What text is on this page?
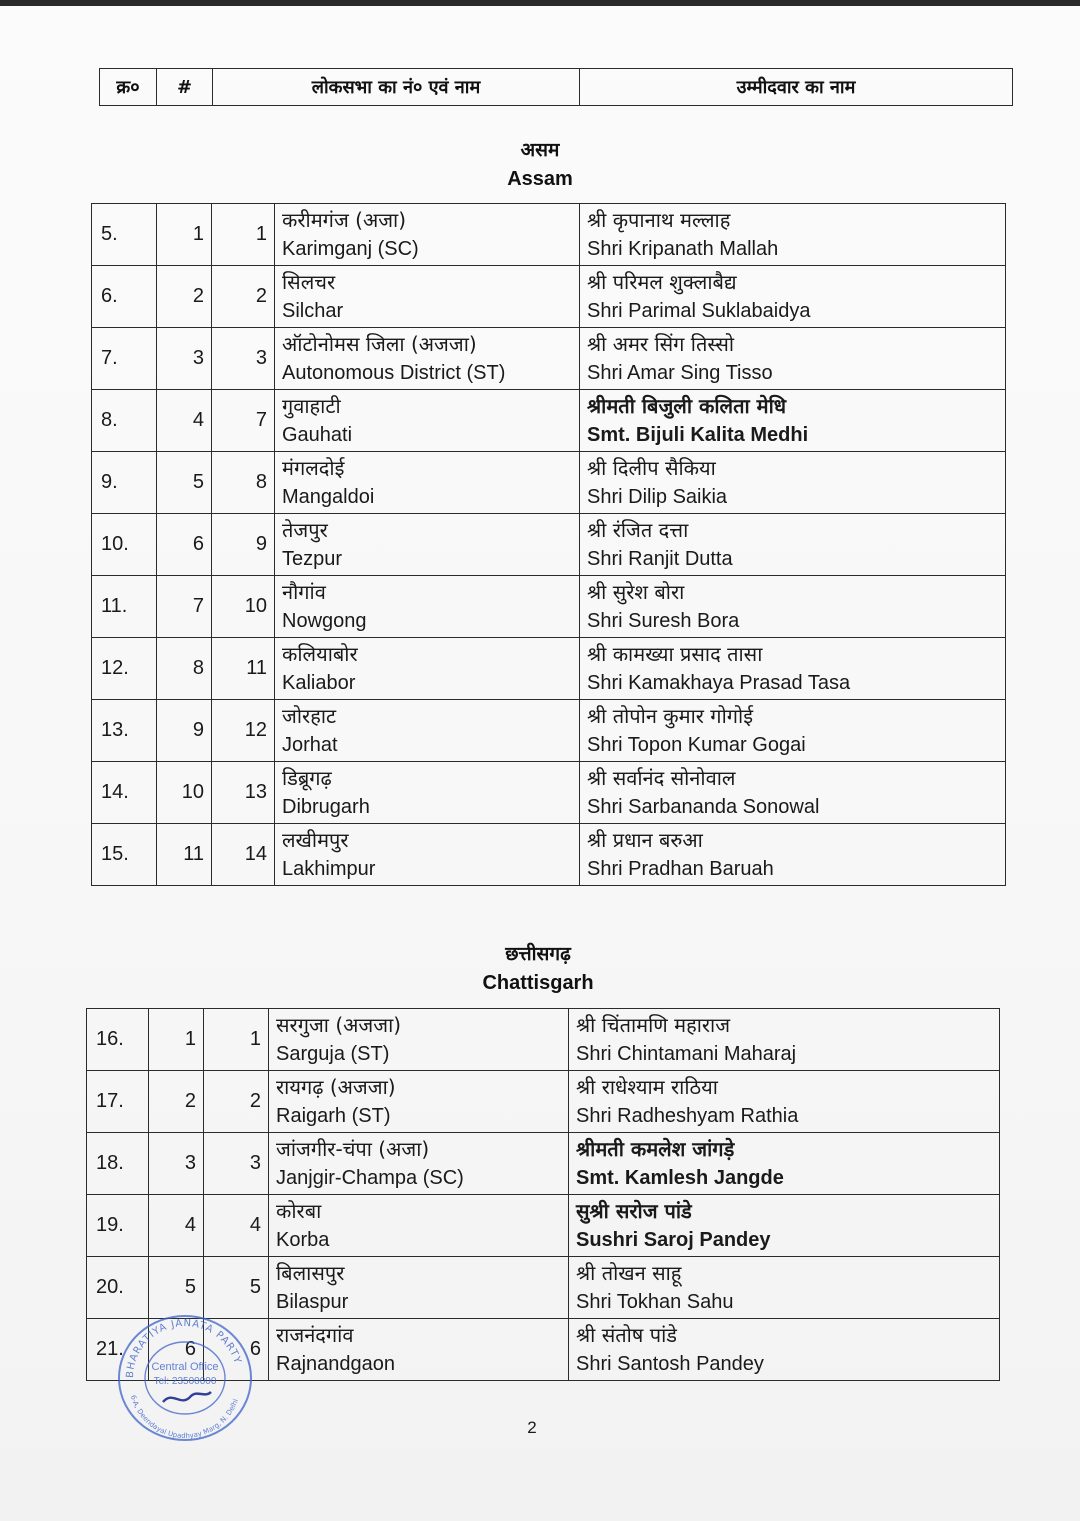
क्र०	#	लोकसभा का नं० एवं नाम	उम्मीदवार का नाम
असम
Assam
5.	1	1	करीमगंज (अजा)
Karimganj (SC)	श्री कृपानाथ मल्लाह
Shri Kripanath Mallah

6.	2	2	सिलचर
Silchar	श्री परिमल शुक्लाबैद्य
Shri Parimal Suklabaidya

7.	3	3	ऑटोनोमस जिला (अजजा)
Autonomous District (ST)	श्री अमर सिंग तिस्सो
Shri Amar Sing Tisso

8.	4	7	गुवाहाटी
Gauhati	श्रीमती बिजुली कलिता मेधि
Smt. Bijuli Kalita Medhi

9.	5	8	मंगलदोई
Mangaldoi	श्री दिलीप सैकिया
Shri Dilip Saikia

10.	6	9	तेजपुर
Tezpur	श्री रंजित दत्ता
Shri Ranjit Dutta

11.	7	10	नौगांव
Nowgong	श्री सुरेश बोरा
Shri Suresh Bora

12.	8	11	कलियाबोर
Kaliabor	श्री कामख्या प्रसाद तासा
Shri Kamakhaya Prasad Tasa

13.	9	12	जोरहाट
Jorhat	श्री तोपोन कुमार गोगोई
Shri Topon Kumar Gogai

14.	10	13	डिब्रूगढ़
Dibrugarh	श्री सर्वानंद सोनोवाल
Shri Sarbananda Sonowal

15.	11	14	लखीमपुर
Lakhimpur	श्री प्रधान बरुआ
Shri Pradhan Baruah
छत्तीसगढ़
Chattisgarh
16.	1	1	सरगुजा (अजजा)
Sarguja (ST)	श्री चिंतामणि महाराज
Shri Chintamani Maharaj

17.	2	2	रायगढ़ (अजजा)
Raigarh (ST)	श्री राधेश्याम राठिया
Shri Radheshyam Rathia

18.	3	3	जांजगीर-चंपा (अजा)
Janjgir-Champa (SC)	श्रीमती कमलेश जांगड़े
Smt. Kamlesh Jangde

19.	4	4	कोरबा
Korba	सुश्री सरोज पांडे
Sushri Saroj Pandey

20.	5	5	बिलासपुर
Bilaspur	श्री तोखन साहू
Shri Tokhan Sahu

21.	6	6	राजनंदगांव
Rajnandgaon	श्री संतोष पांडे
Shri Santosh Pandey
BHARATIYA JANATA PARTY
6-A, Deendayal Upadhyay Marg, N. Delhi
Central Office
Tel: 23500000
2
